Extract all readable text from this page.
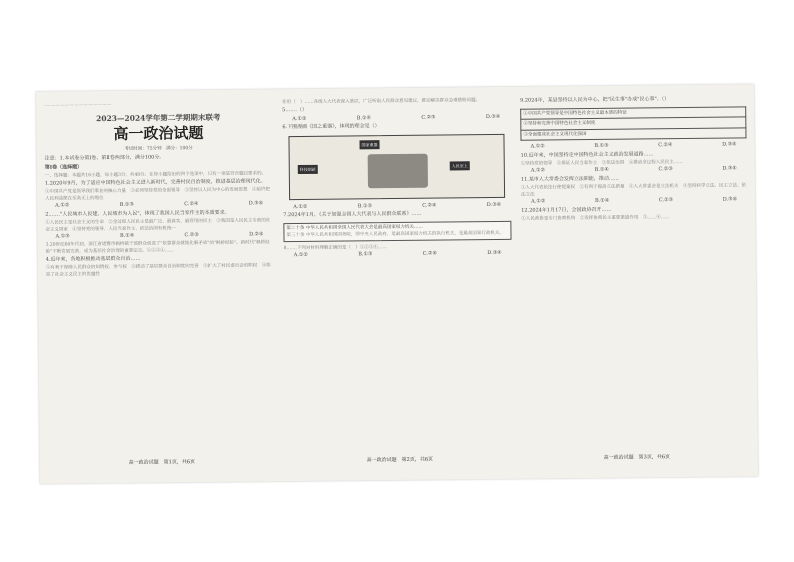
·····················································
2023—2024学年第二学期期末联考
高一政治试题
考试时间：75分钟　满分：100分
注意：1.本试卷分第Ⅰ卷、第Ⅱ卷两部分，满分100分。
第Ⅰ卷（选择题）
一、选择题：本题共16小题，每小题3分，共48分。在每小题给出的四个选项中，只有一项是符合题目要求的。
1.2020年9月，为了适应中国特色社会主义进入新时代，完善村民自治制度，推进基层治理现代化。
①中国共产党是领导我们事业的核心力量　②必须坚持党的全面领导　③坚持以人民为中心的发展思想　④始终把人民利益摆在至高无上的地位
A.①②	B.①③	C.②④	D.③④
2.……"人民城市人民建，人民城市为人民"，体现了我国人民当家作主的本质要求。
①人民民主是社会主义的生命　②全过程人民民主是最广泛、最真实、最管用的民主　③我国是人民民主专政的社会主义国家　④坚持党的领导、人民当家作主、依法治国有机统一
A.①③	B.①④	C.②③	D.②④
3.20世纪60年代初，浙江省诸暨市枫桥镇干部群众创造了"依靠群众就地化解矛盾"的"枫桥经验"。新时代"枫桥经验"不断发展完善，成为基层社会治理的重要法宝。①②③④……
4.近年来，各地积极推动基层群众自治……
①有利于保障人民群众的知情权、参与权　②推动了基层群众自治制度的完善　③扩大了村民委员会的职权　④彰显了社会主义民主的优越性
高一政治试题　第1页，共6页
作用（　）……各级人大代表深入基层，广泛听取人民群众意见建议，推动解决群众急难愁盼问题。
5.……（）
A.①②	B.①④	C.②③	D.③④
6.下图漫画《国之重器》，体现的理念是（）
国家重器
科技创新
人民至上
A.①②	B.①③	C.②④	D.③④
7.2024年1月，《关于加强全国人大代表与人民群众联系》……
第二十条 中华人民共和国全国人民代表大会是最高国家权力机关……
第三十条 中华人民共和国国务院，即中央人民政府，是最高国家权力机关的执行机关，是最高国家行政机关。
8.……下列对材料理解正确的是（　）①②③④……
A.①②	B.①③	C.②④	D.③④
高一政治试题　第2页，共6页
9.2024年，某县坚持以人民为中心，把"民生事"办成"民心事"。（）
①中国共产党领导是中国特色社会主义最本质的特征
②坚持和完善中国特色社会主义制度
③全面建成社会主义现代化强国
A.①②	B.①③	C.②④	D.③④
10.近年来，中国坚持走中国特色社会主义政治发展道路……
①坚持党的领导　②保证人民当家作主　③依法治国　④推动全过程人民民主……
A.①②	B.①④	C.②③	D.③④
11.某市人大常委会发挥立法职能，推动……
①人大代表依法行使提案权　②有利于提高立法质量　③人大常委会是立法机关　④坚持科学立法、民主立法、依法立法
A.①②	B.①④	C.②③	D.③④
12.2024年1月17日，全国政协召开……
①人民政协是专门协商机构　②发挥协商民主重要渠道作用　③……④……
高一政治试题　第3页，共6页
